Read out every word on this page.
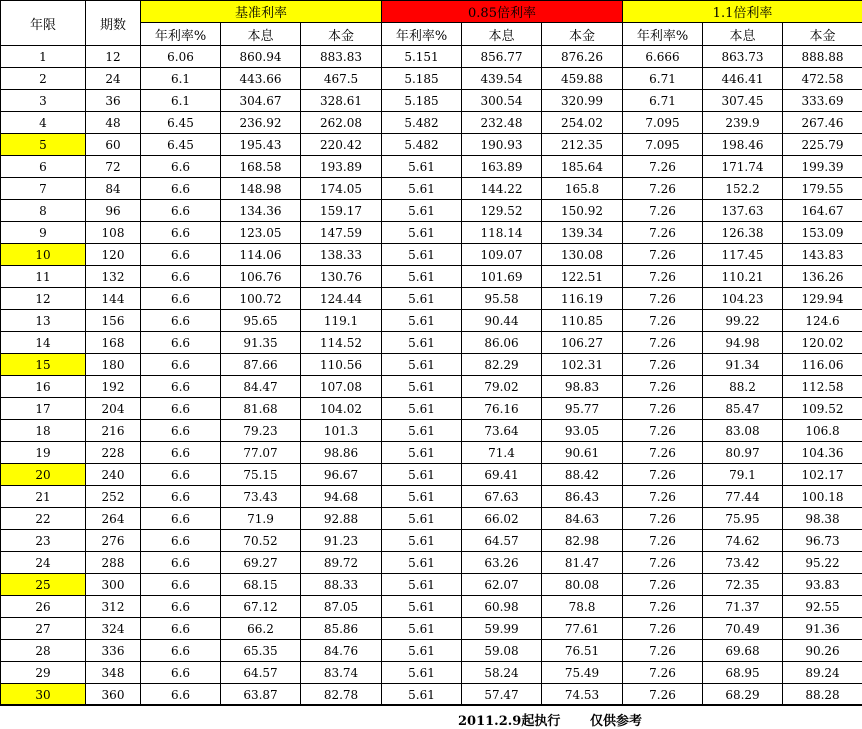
年限	期数	基准利率			0.85倍利率			1.1倍利率		
		年利率%	本息	本金	年利率%	本息	本金	年利率%	本息	本金
1	12	6.06	860.94	883.83	5.151	856.77	876.26	6.666	863.73	888.88
2	24	6.1	443.66	467.5	5.185	439.54	459.88	6.71	446.41	472.58
3	36	6.1	304.67	328.61	5.185	300.54	320.99	6.71	307.45	333.69
4	48	6.45	236.92	262.08	5.482	232.48	254.02	7.095	239.9	267.46
5	60	6.45	195.43	220.42	5.482	190.93	212.35	7.095	198.46	225.79
6	72	6.6	168.58	193.89	5.61	163.89	185.64	7.26	171.74	199.39
7	84	6.6	148.98	174.05	5.61	144.22	165.8	7.26	152.2	179.55
8	96	6.6	134.36	159.17	5.61	129.52	150.92	7.26	137.63	164.67
9	108	6.6	123.05	147.59	5.61	118.14	139.34	7.26	126.38	153.09
10	120	6.6	114.06	138.33	5.61	109.07	130.08	7.26	117.45	143.83
11	132	6.6	106.76	130.76	5.61	101.69	122.51	7.26	110.21	136.26
12	144	6.6	100.72	124.44	5.61	95.58	116.19	7.26	104.23	129.94
13	156	6.6	95.65	119.1	5.61	90.44	110.85	7.26	99.22	124.6
14	168	6.6	91.35	114.52	5.61	86.06	106.27	7.26	94.98	120.02
15	180	6.6	87.66	110.56	5.61	82.29	102.31	7.26	91.34	116.06
16	192	6.6	84.47	107.08	5.61	79.02	98.83	7.26	88.2	112.58
17	204	6.6	81.68	104.02	5.61	76.16	95.77	7.26	85.47	109.52
18	216	6.6	79.23	101.3	5.61	73.64	93.05	7.26	83.08	106.8
19	228	6.6	77.07	98.86	5.61	71.4	90.61	7.26	80.97	104.36
20	240	6.6	75.15	96.67	5.61	69.41	88.42	7.26	79.1	102.17
21	252	6.6	73.43	94.68	5.61	67.63	86.43	7.26	77.44	100.18
22	264	6.6	71.9	92.88	5.61	66.02	84.63	7.26	75.95	98.38
23	276	6.6	70.52	91.23	5.61	64.57	82.98	7.26	74.62	96.73
24	288	6.6	69.27	89.72	5.61	63.26	81.47	7.26	73.42	95.22
25	300	6.6	68.15	88.33	5.61	62.07	80.08	7.26	72.35	93.83
26	312	6.6	67.12	87.05	5.61	60.98	78.8	7.26	71.37	92.55
27	324	6.6	66.2	85.86	5.61	59.99	77.61	7.26	70.49	91.36
28	336	6.6	65.35	84.76	5.61	59.08	76.51	7.26	69.68	90.26
29	348	6.6	64.57	83.74	5.61	58.24	75.49	7.26	68.95	89.24
30	360	6.6	63.87	82.78	5.61	57.47	74.53	7.26	68.29	88.28
2011.2.9起执行 仅供参考
